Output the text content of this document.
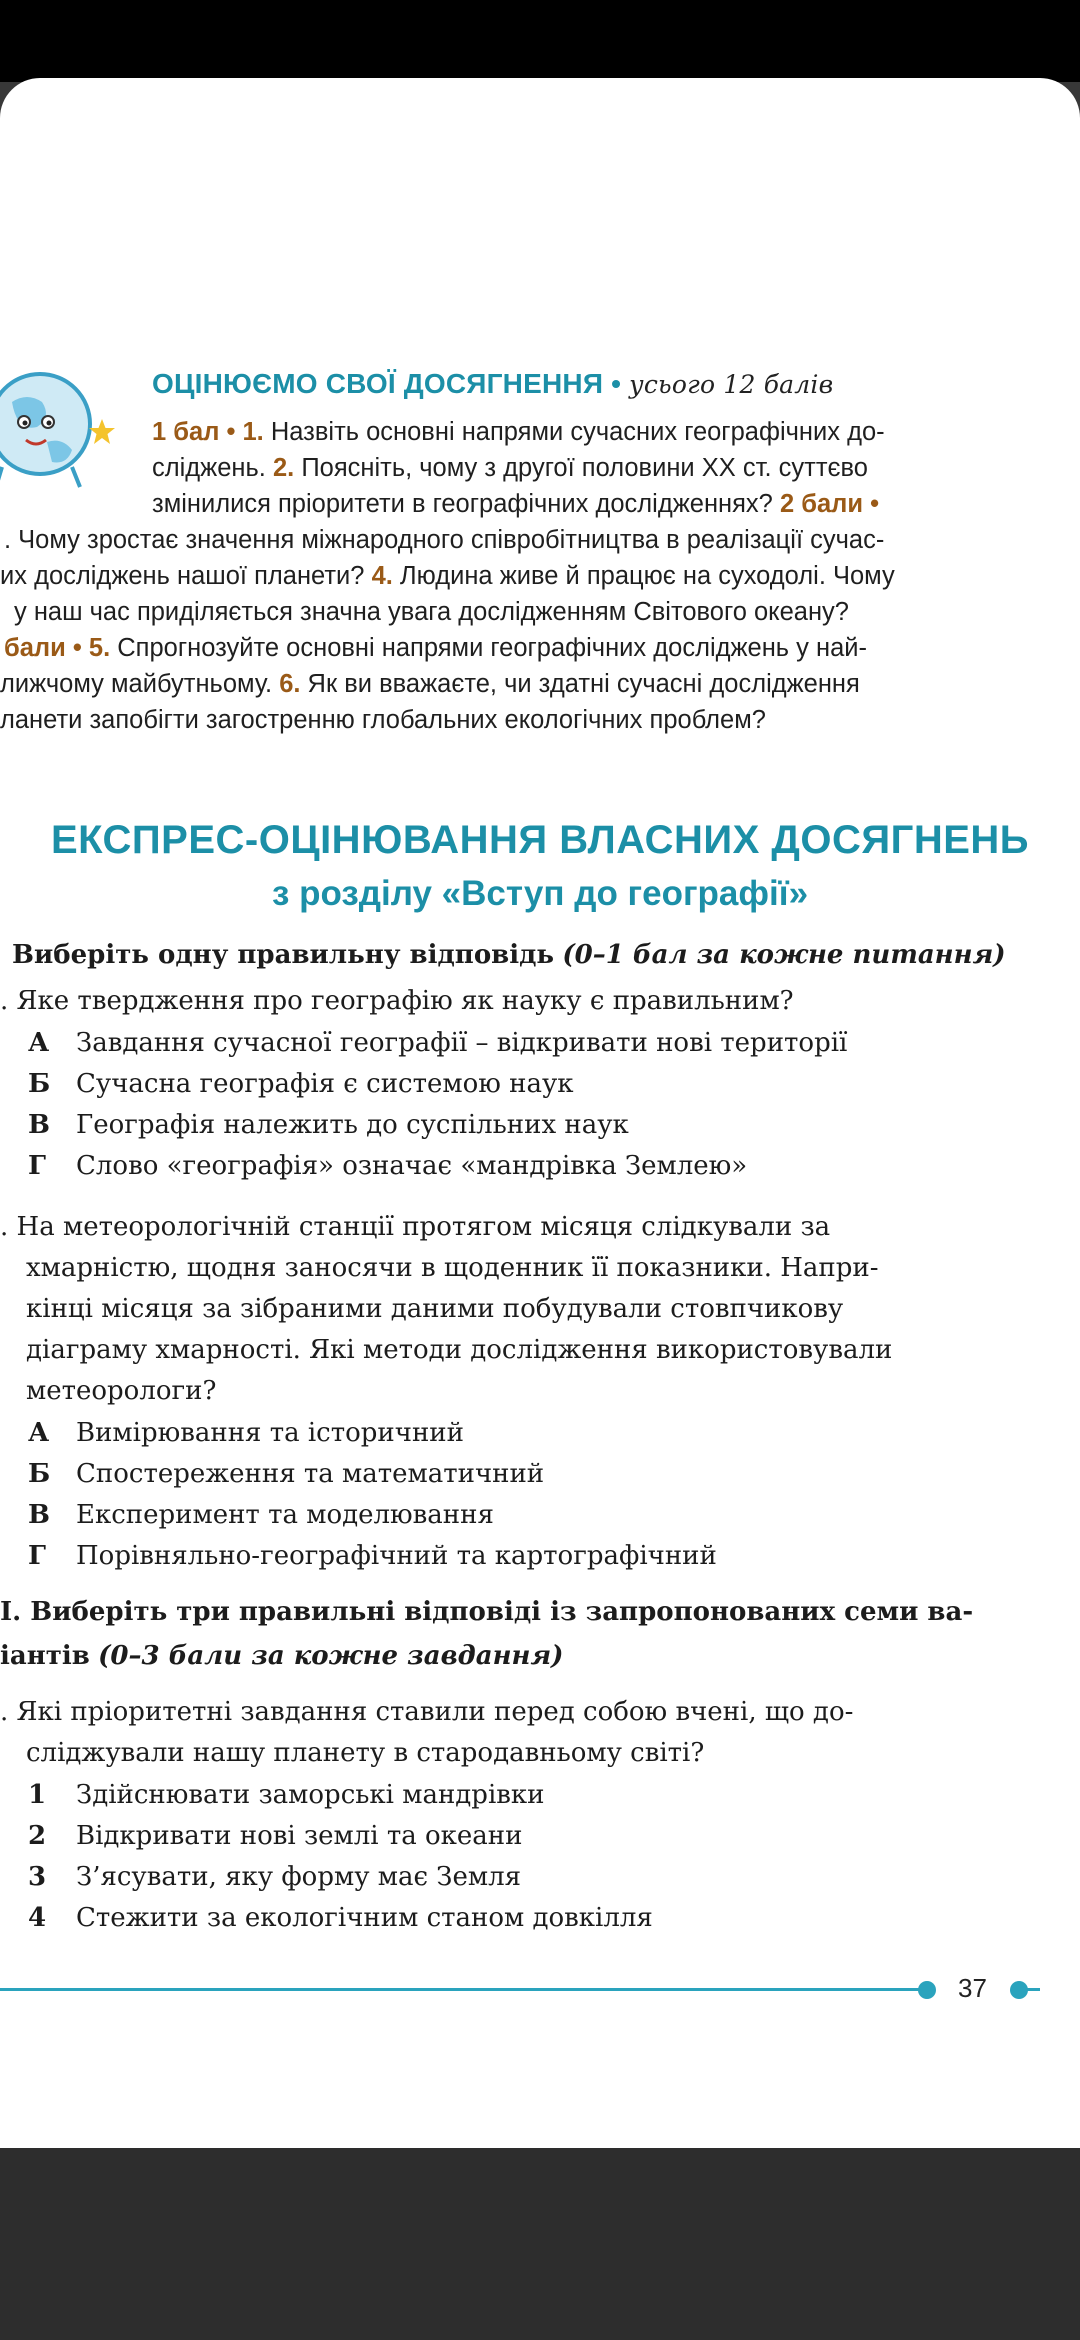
ОЦІНЮЄМО СВОЇ ДОСЯГНЕННЯ • усього 12 балів
1 бал • 1. Назвіть основні напрями сучасних географічних до-
сліджень. 2. Поясніть, чому з другої половини XX ст. суттєво
змінилися пріоритети в географічних дослідженнях? 2 бали •
. Чому зростає значення міжнародного співробітництва в реалізації сучас-
их досліджень нашої планети? 4. Людина живе й працює на суходолі. Чому
у наш час приділяється значна увага дослідженням Світового океану?
бали • 5. Спрогнозуйте основні напрями географічних досліджень у най-
лижчому майбутньому. 6. Як ви вважаєте, чи здатні сучасні дослідження
ланети запобігти загостренню глобальних екологічних проблем?
ЕКСПРЕС-ОЦІНЮВАННЯ ВЛАСНИХ ДОСЯГНЕНЬ
з розділу «Вступ до географії»
Виберіть одну правильну відповідь (0–1 бал за кожне питання)
. Яке твердження про географію як науку є правильним?
А Завдання сучасної географії – відкривати нові території
Б Сучасна географія є системою наук
В Географія належить до суспільних наук
Г Слово «географія» означає «мандрівка Землею»
. На метеорологічній станції протягом місяця слідкували за
хмарністю, щодня заносячи в щоденник її показники. Напри-
кінці місяця за зібраними даними побудували стовпчикову
діаграму хмарності. Які методи дослідження використовували
метеорологи?
А Вимірювання та історичний
Б Спостереження та математичний
В Експеримент та моделювання
Г Порівняльно-географічний та картографічний
I. Виберіть три правильні відповіді із запропонованих семи ва-
іантів (0–3 бали за кожне завдання)
. Які пріоритетні завдання ставили перед собою вчені, що до-
сліджували нашу планету в стародавньому світі?
1 Здійснювати заморські мандрівки
2 Відкривати нові землі та океани
3 З’ясувати, яку форму має Земля
4 Стежити за екологічним станом довкілля
37
